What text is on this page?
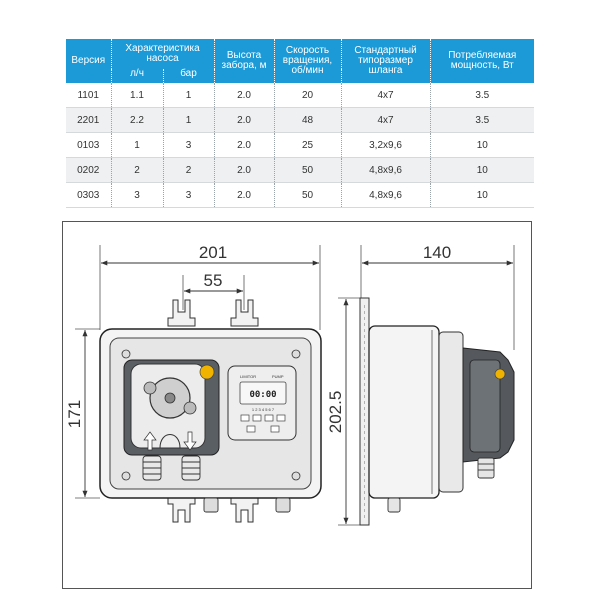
Версия	Характеристика насоса		Высота забора, м	Скорость вращения, об/мин	Стандартный типоразмер шланга	Потребляемая мощность, Вт
	л/ч	бар				
1101	1.1	1	2.0	20	4x7	3.5
2201	2.2	1	2.0	48	4x7	3.5
0103	1	3	2.0	25	3,2x9,6	10
0202	2	2	2.0	50	4,8x9,6	10
0303	3	3	2.0	50	4,8x9,6	10
201
55
171
LIMITOR	PUMP
00:00
1 2 3 4 5 6 7
140
202.5
